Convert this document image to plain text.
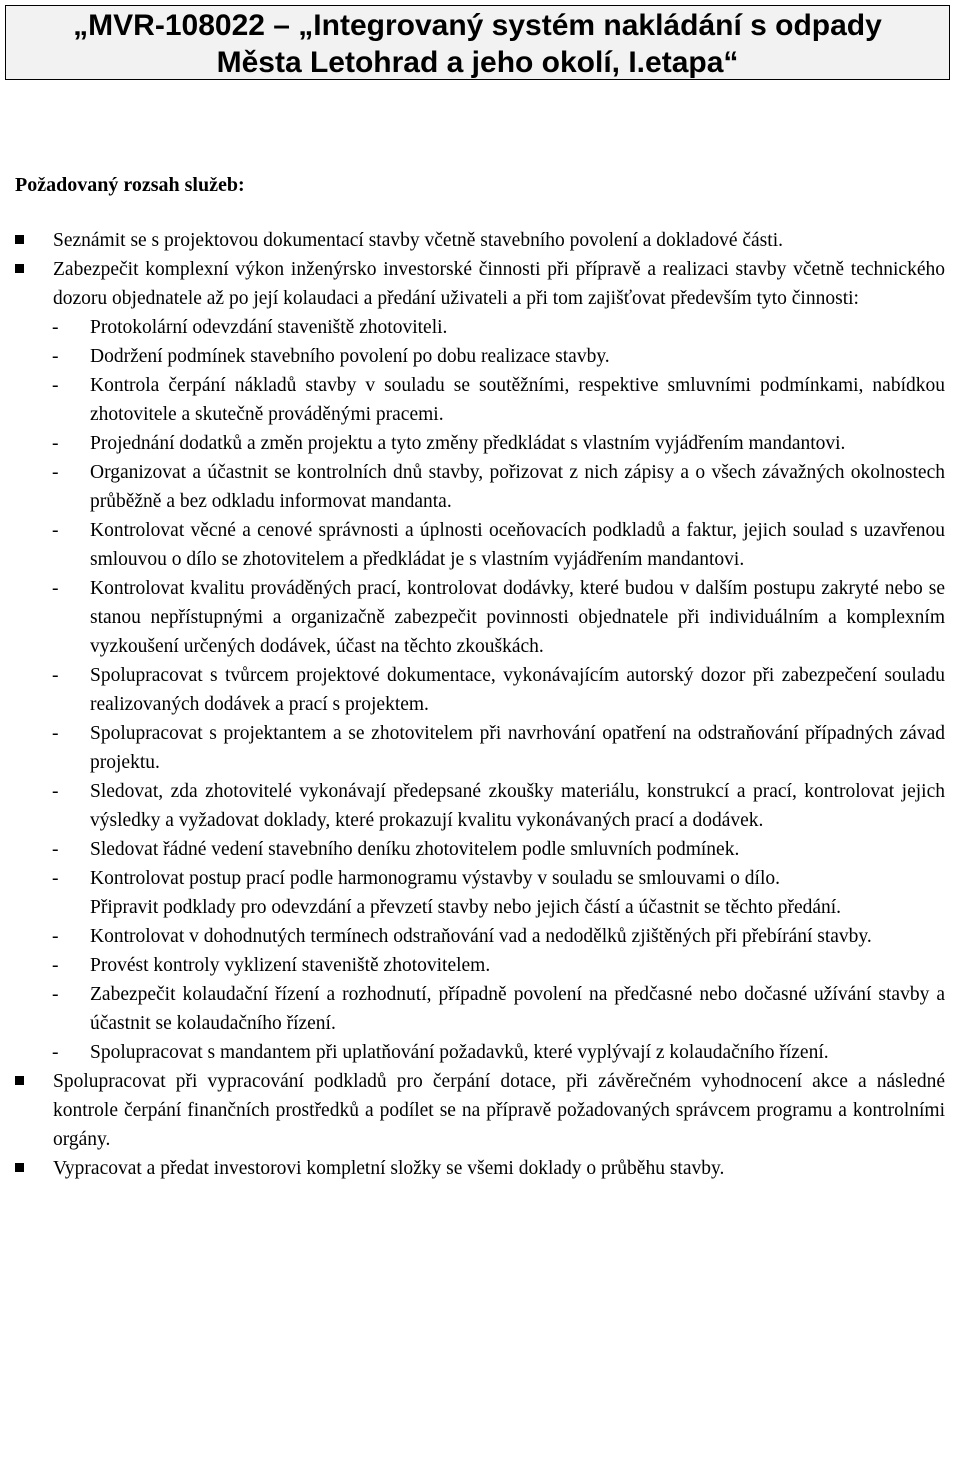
„MVR-108022 – „Integrovaný systém nakládání s odpady
Města Letohrad a jeho okolí, I.etapa“
Požadovaný rozsah služeb:
Seznámit se s projektovou dokumentací stavby včetně stavebního povolení a dokladové části.
Zabezpečit komplexní výkon inženýrsko investorské činnosti při přípravě a realizaci stavby včetně technického dozoru objednatele až po její kolaudaci a předání uživateli a při tom zajišťovat především tyto činnosti:
- Protokolární odevzdání staveniště zhotoviteli.
- Dodržení podmínek stavebního povolení po dobu realizace stavby.
- Kontrola čerpání nákladů stavby v souladu se soutěžními, respektive smluvními podmínkami, nabídkou zhotovitele a skutečně prováděnými pracemi.
- Projednání dodatků a změn projektu a tyto změny předkládat s vlastním vyjádřením mandantovi.
- Organizovat a účastnit se kontrolních dnů stavby, pořizovat z nich zápisy a o všech závažných okolnostech průběžně a bez odkladu informovat mandanta.
- Kontrolovat věcné a cenové správnosti a úplnosti oceňovacích podkladů a faktur, jejich soulad s uzavřenou smlouvou o dílo se zhotovitelem a předkládat je s vlastním vyjádřením mandantovi.
- Kontrolovat kvalitu prováděných prací, kontrolovat dodávky, které budou v dalším postupu zakryté nebo se stanou nepřístupnými a organizačně zabezpečit povinnosti objednatele při individuálním a komplexním vyzkoušení určených dodávek, účast na těchto zkouškách.
- Spolupracovat s tvůrcem projektové dokumentace, vykonávajícím autorský dozor při zabezpečení souladu realizovaných dodávek a prací s projektem.
- Spolupracovat s projektantem a se zhotovitelem při navrhování opatření na odstraňování případných závad projektu.
- Sledovat, zda zhotovitelé vykonávají předepsané zkoušky materiálu, konstrukcí a prací, kontrolovat jejich výsledky a vyžadovat doklady, které prokazují kvalitu vykonávaných prací a dodávek.
- Sledovat řádné vedení stavebního deníku zhotovitelem podle smluvních podmínek.
- Kontrolovat postup prací podle harmonogramu výstavby v souladu se smlouvami o dílo.
Připravit podklady pro odevzdání a převzetí stavby nebo jejich částí a účastnit se těchto předání.
- Kontrolovat v dohodnutých termínech odstraňování vad a nedodělků zjištěných při přebírání stavby.
- Provést kontroly vyklizení staveniště zhotovitelem.
- Zabezpečit kolaudační řízení a rozhodnutí, případně povolení na předčasné nebo dočasné užívání stavby a účastnit se kolaudačního řízení.
- Spolupracovat s mandantem při uplatňování požadavků, které vyplývají z kolaudačního řízení.
Spolupracovat při vypracování podkladů pro čerpání dotace, při závěrečném vyhodnocení akce a následné kontrole čerpání finančních prostředků a podílet se na přípravě požadovaných správcem programu a kontrolními orgány.
Vypracovat a předat investorovi kompletní složky se všemi doklady o průběhu stavby.
